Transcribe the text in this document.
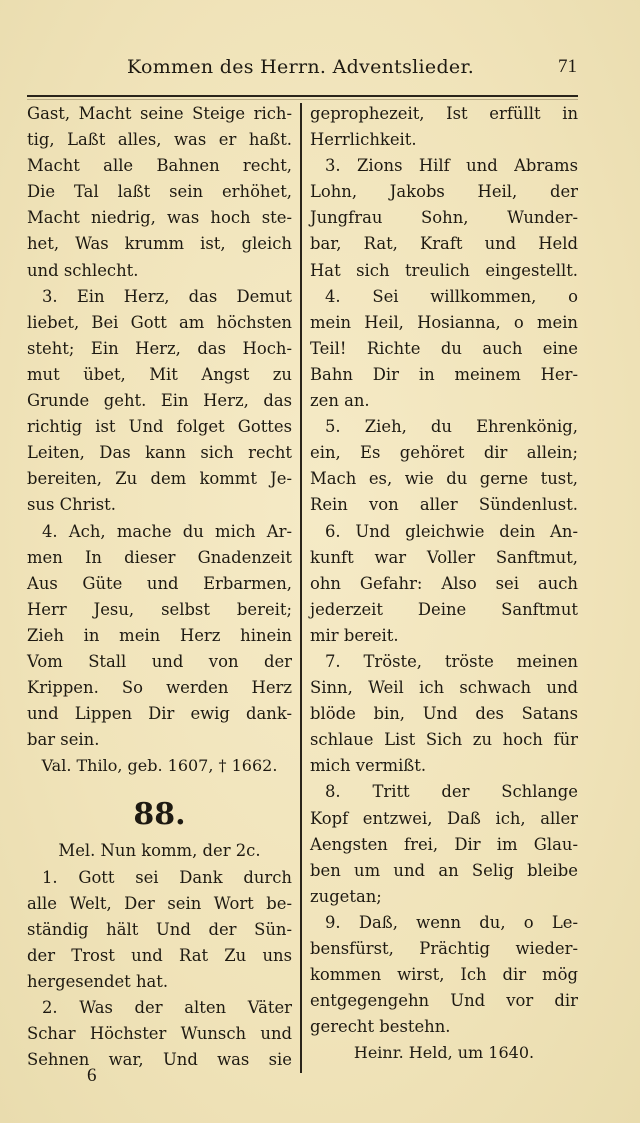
Kommen des Herrn. Adventslieder.	71
Gast, Macht seine Steige rich-
tig, Laßt alles, was er haßt.
Macht alle Bahnen recht,
Die Tal laßt sein erhöhet,
Macht niedrig, was hoch ste-
het, Was krumm ist, gleich
und schlecht.
3. Ein Herz, das Demut
liebet, Bei Gott am höchsten
steht; Ein Herz, das Hoch-
mut übet, Mit Angst zu
Grunde geht. Ein Herz, das
richtig ist Und folget Gottes
Leiten, Das kann sich recht
bereiten, Zu dem kommt Je-
sus Christ.
4. Ach, mache du mich Ar-
men In dieser Gnadenzeit
Aus Güte und Erbarmen,
Herr Jesu, selbst bereit;
Zieh in mein Herz hinein
Vom Stall und von der
Krippen. So werden Herz
und Lippen Dir ewig dank-
bar sein.
Val. Thilo, geb. 1607, † 1662.
88.
Mel. Nun komm, der 2c.
1. Gott sei Dank durch
alle Welt, Der sein Wort be-
ständig hält Und der Sün-
der Trost und Rat Zu uns
hergesendet hat.
2. Was der alten Väter
Schar Höchster Wunsch und
Sehnen war, Und was sie
geprophezeit, Ist erfüllt in
Herrlichkeit.
3. Zions Hilf und Abrams
Lohn, Jakobs Heil, der
Jungfrau Sohn, Wunder-
bar, Rat, Kraft und Held
Hat sich treulich eingestellt.
4. Sei willkommen, o
mein Heil, Hosianna, o mein
Teil! Richte du auch eine
Bahn Dir in meinem Her-
zen an.
5. Zieh, du Ehrenkönig,
ein, Es gehöret dir allein;
Mach es, wie du gerne tust,
Rein von aller Sündenlust.
6. Und gleichwie dein An-
kunft war Voller Sanftmut,
ohn Gefahr: Also sei auch
jederzeit Deine Sanftmut
mir bereit.
7. Tröste, tröste meinen
Sinn, Weil ich schwach und
blöde bin, Und des Satans
schlaue List Sich zu hoch für
mich vermißt.
8. Tritt der Schlange
Kopf entzwei, Daß ich, aller
Aengsten frei, Dir im Glau-
ben um und an Selig bleibe
zugetan;
9. Daß, wenn du, o Le-
bensfürst, Prächtig wieder-
kommen wirst, Ich dir mög
entgegengehn Und vor dir
gerecht bestehn.
Heinr. Held, um 1640.
6
